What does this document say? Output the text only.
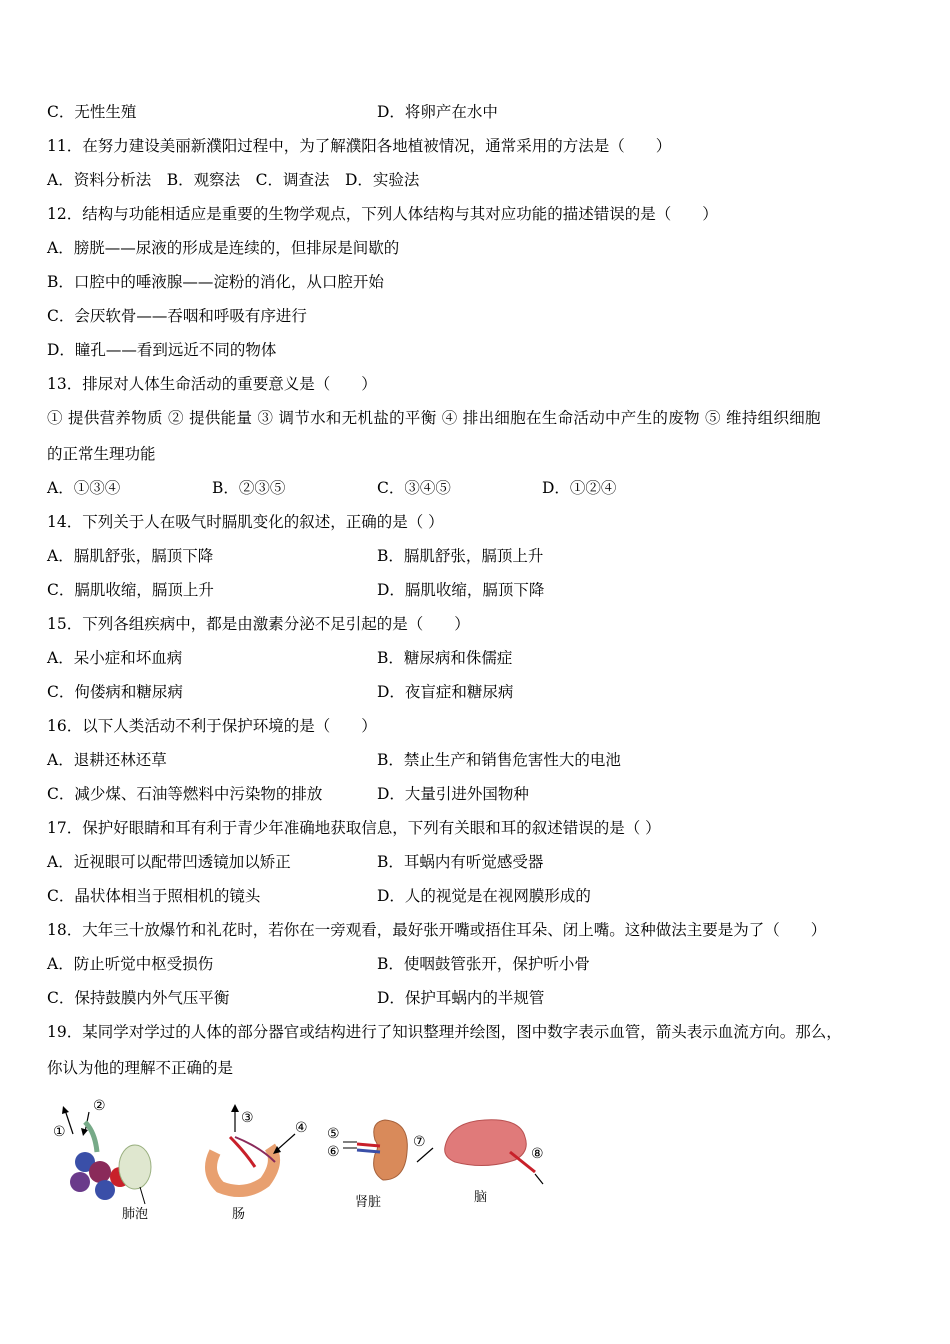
C．无性生殖	D．将卵产在水中
11．在努力建设美丽新濮阳过程中，为了解濮阳各地植被情况，通常采用的方法是（　　）
A．资料分析法　B．观察法　C．调查法　D．实验法
12．结构与功能相适应是重要的生物学观点，下列人体结构与其对应功能的描述错误的是（　　）
A．膀胱——尿液的形成是连续的，但排尿是间歇的
B．口腔中的唾液腺——淀粉的消化，从口腔开始
C．会厌软骨——吞咽和呼吸有序进行
D．瞳孔——看到远近不同的物体
13．排尿对人体生命活动的重要意义是（　　）
① 提供营养物质 ② 提供能量 ③ 调节水和无机盐的平衡 ④ 排出细胞在生命活动中产生的废物 ⑤ 维持组织细胞
的正常生理功能
A．①③④	B．②③⑤	C．③④⑤	D．①②④
14．下列关于人在吸气时膈肌变化的叙述，正确的是（ ）
A．膈肌舒张，膈顶下降	B．膈肌舒张，膈顶上升
C．膈肌收缩，膈顶上升	D．膈肌收缩，膈顶下降
15．下列各组疾病中，都是由激素分泌不足引起的是（　　）
A．呆小症和坏血病	B．糖尿病和侏儒症
C．佝偻病和糖尿病	D．夜盲症和糖尿病
16．以下人类活动不利于保护环境的是（　　）
A．退耕还林还草	B．禁止生产和销售危害性大的电池
C．减少煤、石油等燃料中污染物的排放	D．大量引进外国物种
17．保护好眼睛和耳有利于青少年准确地获取信息，下列有关眼和耳的叙述错误的是（ ）
A．近视眼可以配带凹透镜加以矫正	B．耳蜗内有听觉感受器
C．晶状体相当于照相机的镜头	D．人的视觉是在视网膜形成的
18．大年三十放爆竹和礼花时，若你在一旁观看，最好张开嘴或捂住耳朵、闭上嘴。这种做法主要是为了（　　）
A．防止听觉中枢受损伤	B．使咽鼓管张开，保护听小骨
C．保持鼓膜内外气压平衡	D．保护耳蜗内的半规管
19．某同学对学过的人体的部分器官或结构进行了知识整理并绘图，图中数字表示血管，箭头表示血流方向。那么，
你认为他的理解不正确的是
①
②
③
④ ⑤
⑥
⑦
⑧
肺泡	肠
肾脏	脑
